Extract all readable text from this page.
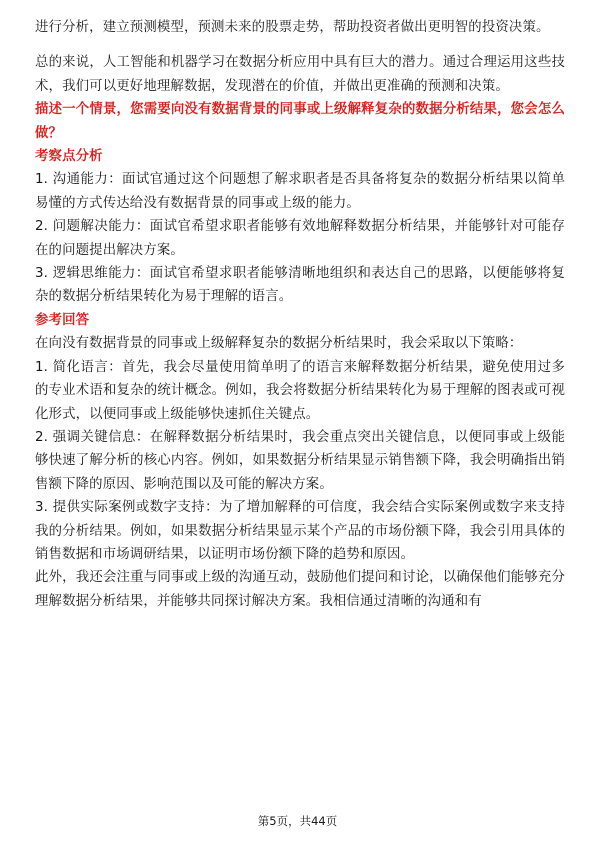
进行分析，建立预测模型，预测未来的股票走势，帮助投资者做出更明智的投资决策。

总的来说，人工智能和机器学习在数据分析应用中具有巨大的潜力。通过合理运用这些技术，我们可以更好地理解数据，发现潜在的价值，并做出更准确的预测和决策。

描述一个情景，您需要向没有数据背景的同事或上级解释复杂的数据分析结果，您会怎么做？

考察点分析

1. 沟通能力：面试官通过这个问题想了解求职者是否具备将复杂的数据分析结果以简单易懂的方式传达给没有数据背景的同事或上级的能力。

2. 问题解决能力：面试官希望求职者能够有效地解释数据分析结果，并能够针对可能存在的问题提出解决方案。

3. 逻辑思维能力：面试官希望求职者能够清晰地组织和表达自己的思路，以便能够将复杂的数据分析结果转化为易于理解的语言。

参考回答

在向没有数据背景的同事或上级解释复杂的数据分析结果时，我会采取以下策略：

1. 简化语言：首先，我会尽量使用简单明了的语言来解释数据分析结果，避免使用过多的专业术语和复杂的统计概念。例如，我会将数据分析结果转化为易于理解的图表或可视化形式，以便同事或上级能够快速抓住关键点。

2. 强调关键信息：在解释数据分析结果时，我会重点突出关键信息，以便同事或上级能够快速了解分析的核心内容。例如，如果数据分析结果显示销售额下降，我会明确指出销售额下降的原因、影响范围以及可能的解决方案。

3. 提供实际案例或数字支持：为了增加解释的可信度，我会结合实际案例或数字来支持我的分析结果。例如，如果数据分析结果显示某个产品的市场份额下降，我会引用具体的销售数据和市场调研结果，以证明市场份额下降的趋势和原因。

此外，我还会注重与同事或上级的沟通互动，鼓励他们提问和讨论，以确保他们能够充分理解数据分析结果，并能够共同探讨解决方案。我相信通过清晰的沟通和有

第5页，共44页
